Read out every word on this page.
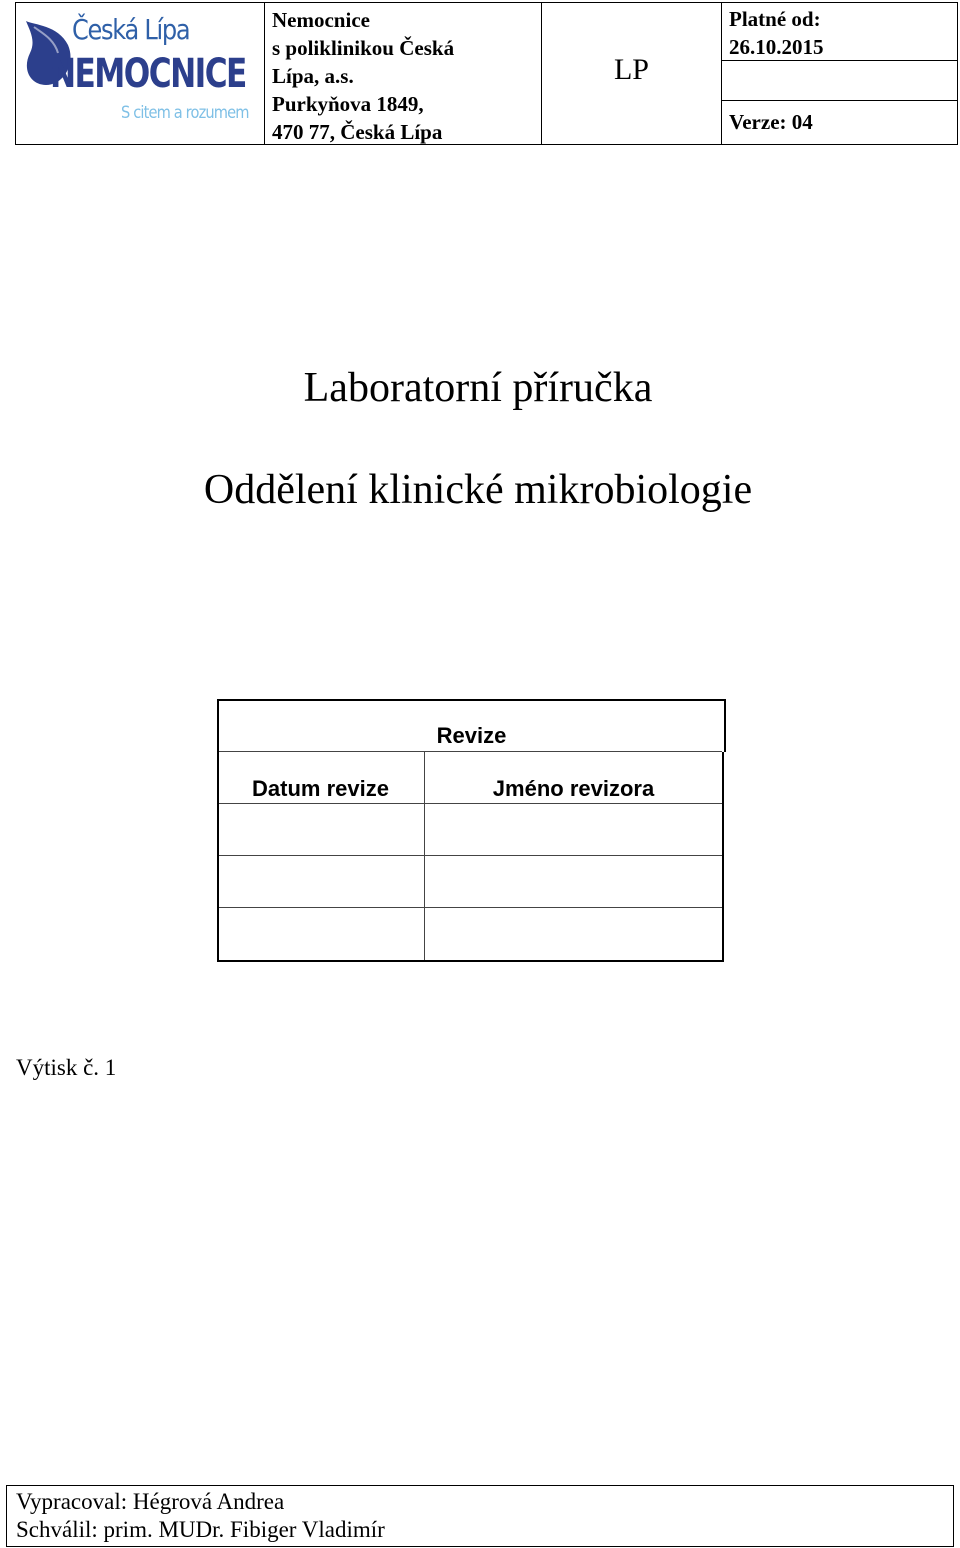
Česká Lípa
NEMOCNICE
S citem a rozumem
Nemocnice
s poliklinikou Česká
Lípa, a.s.
Purkyňova 1849,
470 77, Česká Lípa
LP
Platné od:
26.10.2015
Verze: 04
Laboratorní příručka
Oddělení klinické mikrobiologie
Revize
Datum revize	Jméno revizora
Výtisk č. 1
Vypracoval: Hégrová Andrea
Schválil: prim. MUDr. Fibiger Vladimír
